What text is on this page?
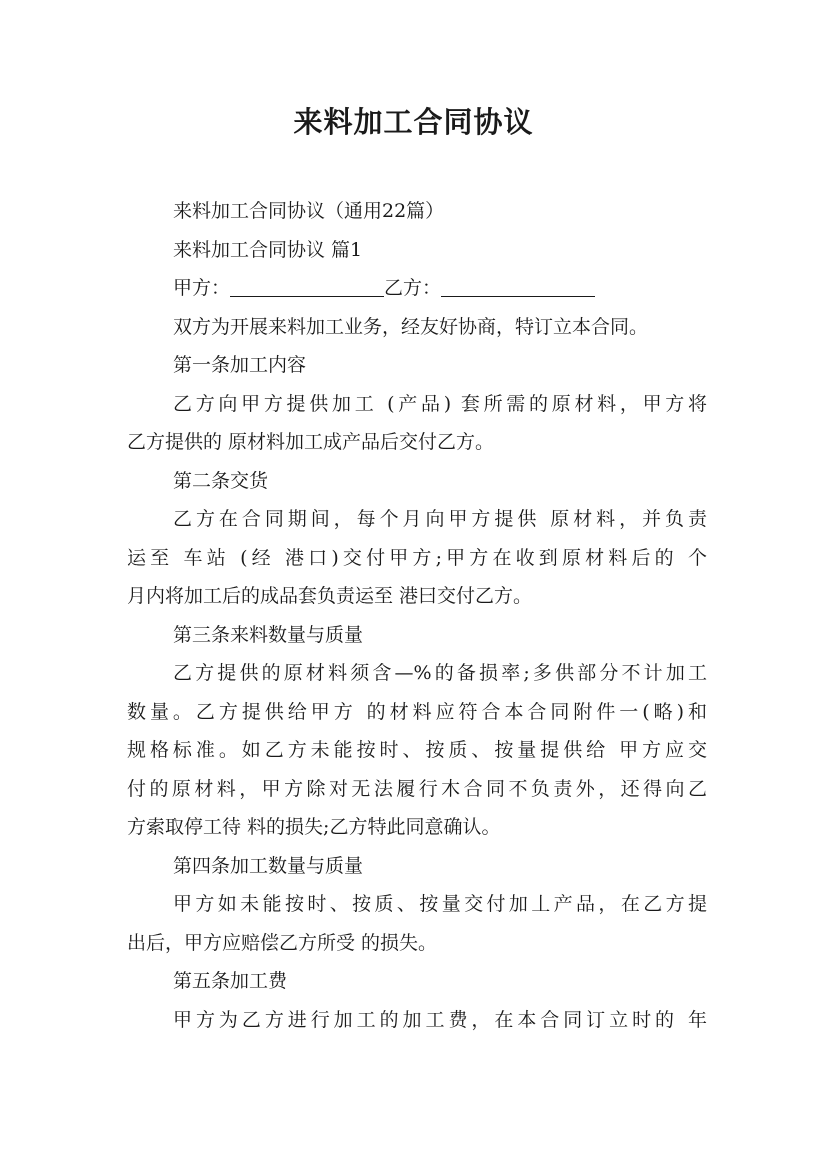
来料加工合同协议
来料加工合同协议（通用22篇）
来料加工合同协议 篇1
甲方：	乙方：
双方为开展来料加工业务，经友好协商，特订立本合同。
第一条加工内容
乙方向甲方提供加工 (产品) 套所需的原材料，甲方将
乙方提供的 原材料加工成产品后交付乙方。
第二条交货
乙方在合同期间，每个月向甲方提供 原材料，并负责
运至 车站 (经 港口)交付甲方;甲方在收到原材料后的 个
月内将加工后的成品套负责运至 港曰交付乙方。
第三条来料数量与质量
乙方提供的原材料须含—%的备损率;多供部分不计加工
数量。乙方提供给甲方 的材料应符合本合同附件一(略)和
规格标准。如乙方未能按时、按质、按量提供给 甲方应交
付的原材料，甲方除对无法履行木合同不负责外，还得向乙
方索取停工待 料的损失;乙方特此同意确认。
第四条加工数量与质量
甲方如未能按时、按质、按量交付加丄产品，在乙方提
出后，甲方应赔偿乙方所受 的损失。
第五条加工费
甲方为乙方进行加工的加工费，在本合同订立时的 年
